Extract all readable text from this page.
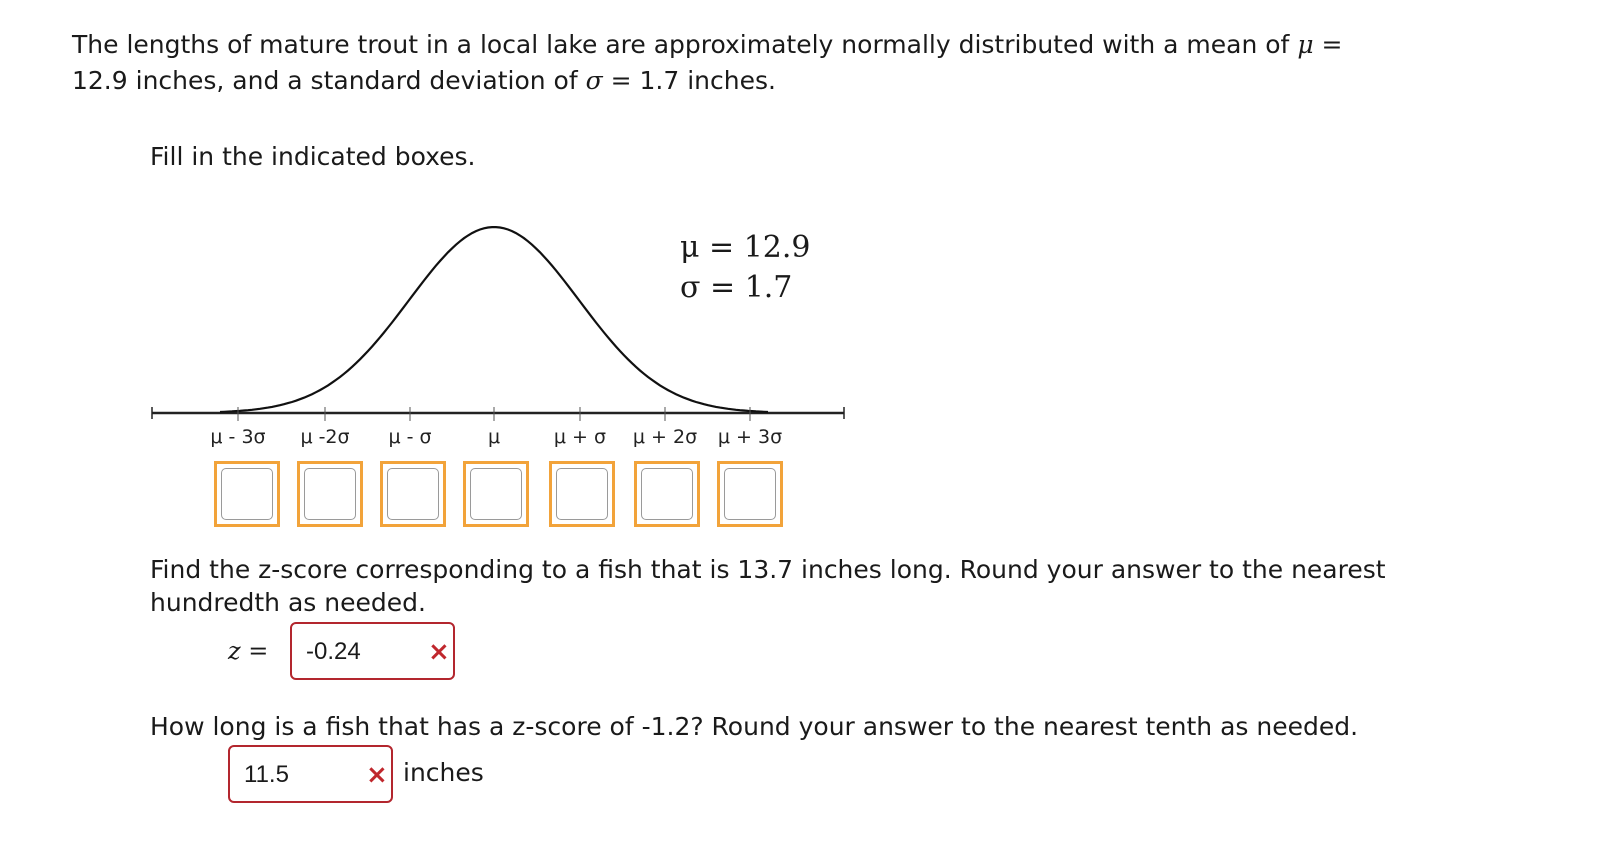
The lengths of mature trout in a local lake are approximately normally distributed with a mean of μ =
12.9 inches, and a standard deviation of σ = 1.7 inches.
Fill in the indicated boxes.
μ - 3σ μ -2σ μ - σ	μ	μ + σ μ + 2σ μ + 3σ
μ = 12.9
σ = 1.7
Find the z-score corresponding to a fish that is 13.7 inches long. Round your answer to the nearest
hundredth as needed.
z = -0.24	×
How long is a fish that has a z-score of -1.2? Round your answer to the nearest tenth as needed.
11.5	× inches
